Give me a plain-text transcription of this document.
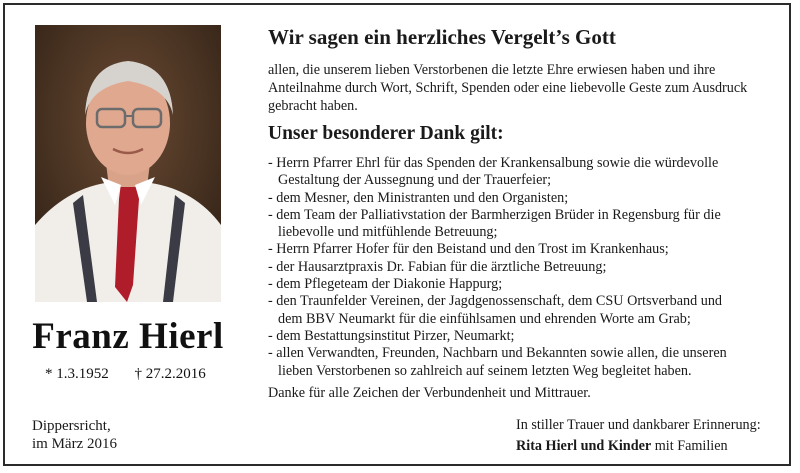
Franz Hierl
* 1.3.1952 † 27.2.2016
Dippersricht,
im März 2016
Wir sagen ein herzliches Vergelt’s Gott
allen, die unserem lieben Verstorbenen die letzte Ehre erwiesen haben und ihre
Anteilnahme durch Wort, Schrift, Spenden oder eine liebevolle Geste zum Ausdruck
gebracht haben.
Unser besonderer Dank gilt:
- Herrn Pfarrer Ehrl für das Spenden der Krankensalbung sowie die würdevolle
Gestaltung der Aussegnung und der Trauerfeier;
- dem Mesner, den Ministranten und den Organisten;
- dem Team der Palliativstation der Barmherzigen Brüder in Regensburg für die
liebevolle und mitfühlende Betreuung;
- Herrn Pfarrer Hofer für den Beistand und den Trost im Krankenhaus;
- der Hausarztpraxis Dr. Fabian für die ärztliche Betreuung;
- dem Pflegeteam der Diakonie Happurg;
- den Traunfelder Vereinen, der Jagdgenossenschaft, dem CSU Ortsverband und
dem BBV Neumarkt für die einfühlsamen und ehrenden Worte am Grab;
- dem Bestattungsinstitut Pirzer, Neumarkt;
- allen Verwandten, Freunden, Nachbarn und Bekannten sowie allen, die unseren
lieben Verstorbenen so zahlreich auf seinem letzten Weg begleitet haben.
Danke für alle Zeichen der Verbundenheit und Mittrauer.
In stiller Trauer und dankbarer Erinnerung:
Rita Hierl und Kinder mit Familien
